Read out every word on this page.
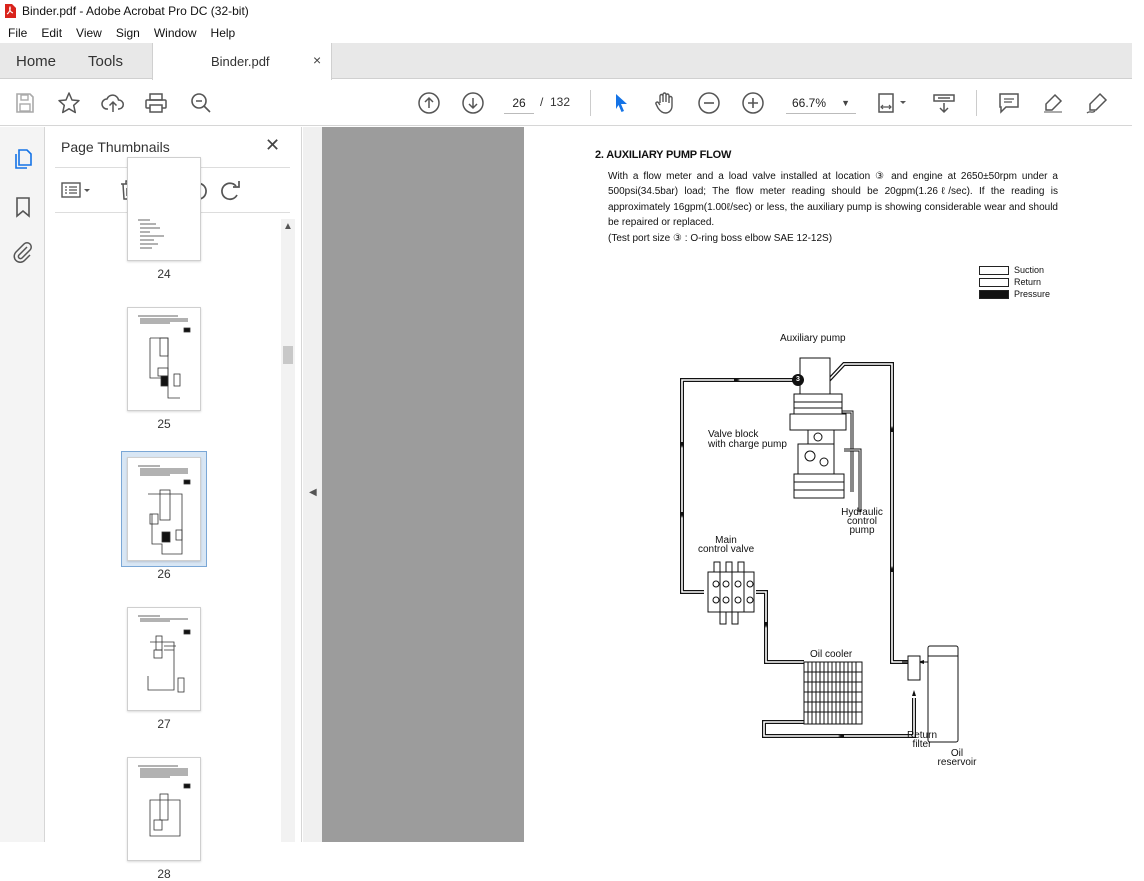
Binder.pdf - Adobe Acrobat Pro DC (32-bit)
File	Edit	View	Sign	Window	Help
Home Tools	Binder.pdf	×
26
/ 132	66.7% ▼
Page Thumbnails	✕
24
25
26
27
28
▲
◀
2. AUXILIARY PUMP FLOW
With a flow meter and a load valve installed at location ③ and engine at 2650±50rpm under a 500psi(34.5bar) load; The flow meter reading should be 20gpm(1.26ℓ/sec). If the reading is approximately 16gpm(1.00ℓ/sec) or less, the auxiliary pump is showing considerable wear and should be repaired or replaced.
(Test port size ③ : O-ring boss elbow SAE 12-12S)
Suction
Return
Pressure
Auxiliary pump
Valve block
with charge pump
Hydraulic
control
pump
Main
control valve
Oil cooler
Return
filter
Oil
reservoir
3
